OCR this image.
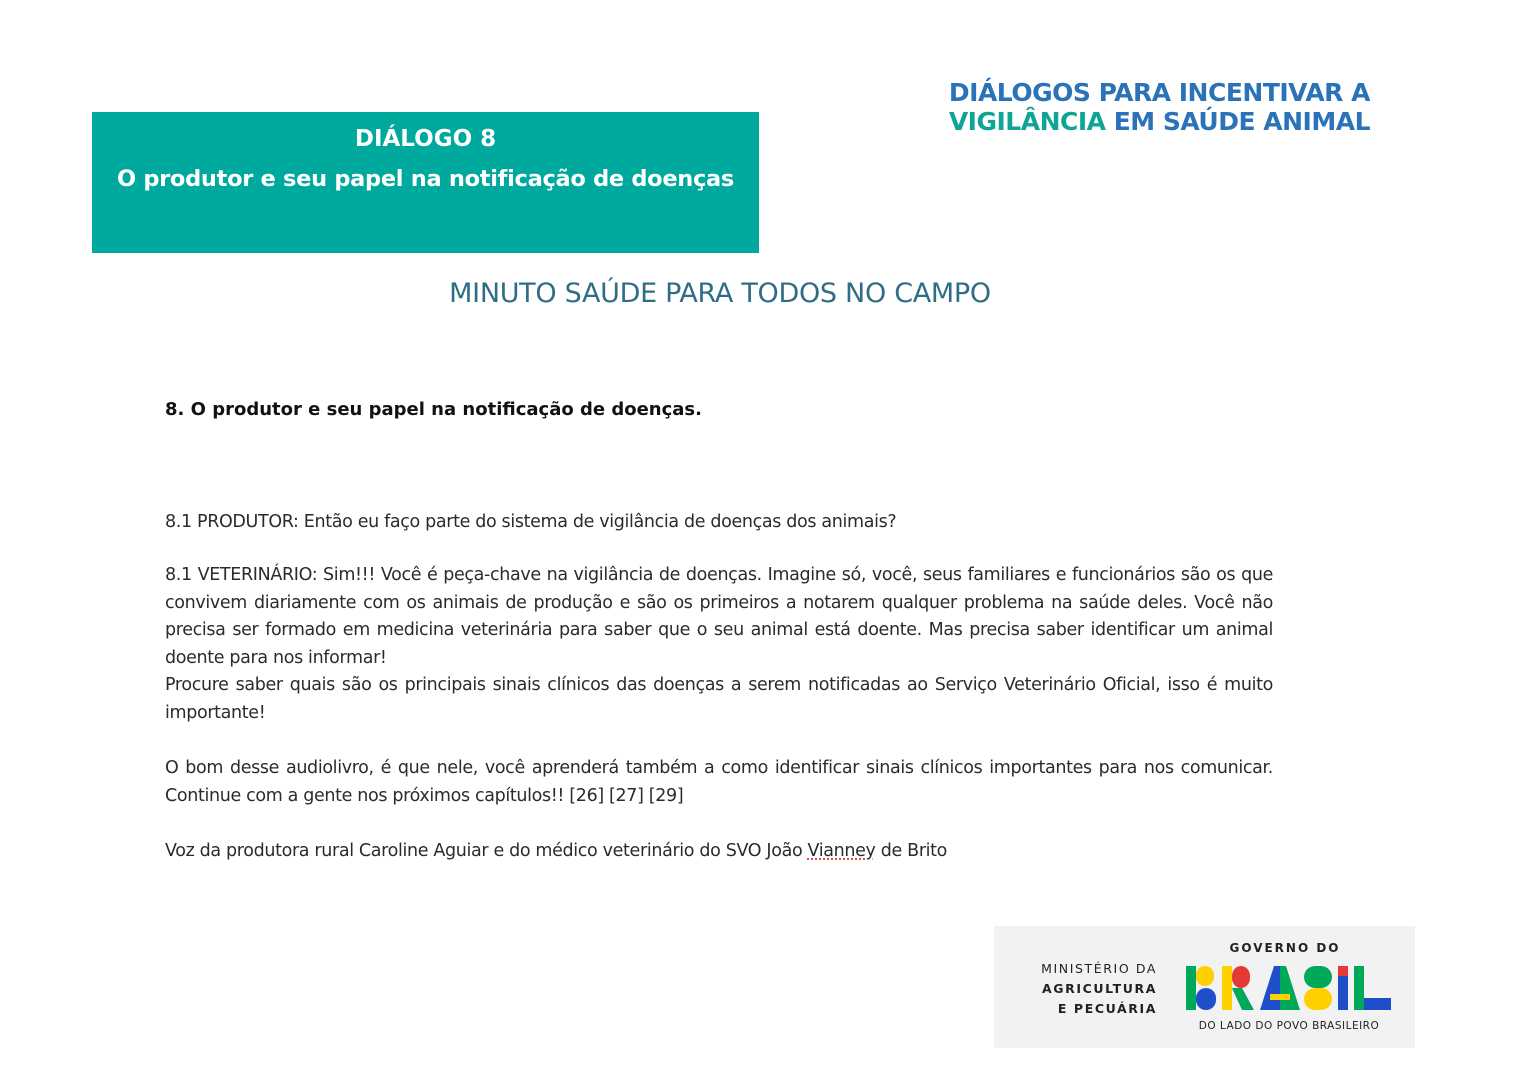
DIÁLOGOS PARA INCENTIVAR A
VIGILÂNCIA EM SAÚDE ANIMAL
DIÁLOGO 8
O produtor e seu papel na notificação de doenças
MINUTO SAÚDE PARA TODOS NO CAMPO
8. O produtor e seu papel na notificação de doenças.

8.1 PRODUTOR: Então eu faço parte do sistema de vigilância de doenças dos animais?

8.1 VETERINÁRIO: Sim!!! Você é peça-chave na vigilância de doenças. Imagine só, você, seus familiares e funcionários são os que convivem diariamente com os animais de produção e são os primeiros a notarem qualquer problema na saúde deles. Você não precisa ser formado em medicina veterinária para saber que o seu animal está doente. Mas precisa saber identificar um animal doente para nos informar!

Procure saber quais são os principais sinais clínicos das doenças a serem notificadas ao Serviço Veterinário Oficial, isso é muito importante!

O bom desse audiolivro, é que nele, você aprenderá também a como identificar sinais clínicos importantes para nos comunicar. Continue com a gente nos próximos capítulos!! [26] [27] [29]

Voz da produtora rural Caroline Aguiar e do médico veterinário do SVO João Vianney de Brito

MINISTÉRIO DA
AGRICULTURA
E PECUÁRIA
GOVERNO DO
BRASIL
DO LADO DO POVO BRASILEIRO
